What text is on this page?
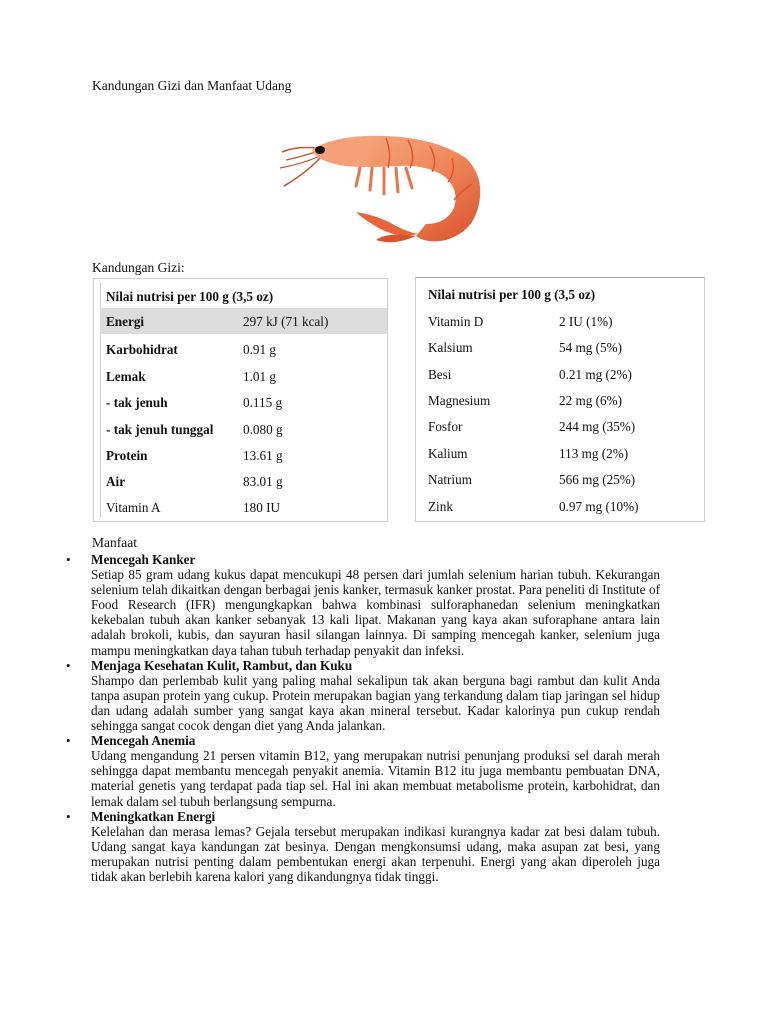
Kandungan Gizi dan Manfaat Udang
Kandungan Gizi:
Nilai nutrisi per 100 g (3,5 oz)
Energi	297 kJ (71 kcal)
Karbohidrat	0.91 g
Lemak	1.01 g
- tak jenuh	0.115 g
- tak jenuh tunggal 0.080 g
Protein	13.61 g
Air	83.01 g
Vitamin A	180 IU
Nilai nutrisi per 100 g (3,5 oz)
Vitamin D	2 IU (1%)
Kalsium	54 mg (5%)
Besi	0.21 mg (2%)
Magnesium	22 mg (6%)
Fosfor	244 mg (35%)
Kalium	113 mg (2%)
Natrium	566 mg (25%)
Zink	0.97 mg (10%)
Manfaat
• Mencegah Kanker
Setiap 85 gram udang kukus dapat mencukupi 48 persen dari jumlah selenium harian tubuh. Kekurangan selenium telah dikaitkan dengan berbagai jenis kanker, termasuk kanker prostat. Para peneliti di Institute of Food Research (IFR) mengungkapkan bahwa kombinasi sulforaphanedan selenium meningkatkan kekebalan tubuh akan kanker sebanyak 13 kali lipat. Makanan yang kaya akan suforaphane antara lain adalah brokoli, kubis, dan sayuran hasil silangan lainnya. Di samping mencegah kanker, selenium juga mampu meningkatkan daya tahan tubuh terhadap penyakit dan infeksi.
• Menjaga Kesehatan Kulit, Rambut, dan Kuku
Shampo dan perlembab kulit yang paling mahal sekalipun tak akan berguna bagi rambut dan kulit Anda tanpa asupan protein yang cukup. Protein merupakan bagian yang terkandung dalam tiap jaringan sel hidup dan udang adalah sumber yang sangat kaya akan mineral tersebut. Kadar kalorinya pun cukup rendah sehingga sangat cocok dengan diet yang Anda jalankan.
• Mencegah Anemia
Udang mengandung 21 persen vitamin B12, yang merupakan nutrisi penunjang produksi sel darah merah sehingga dapat membantu mencegah penyakit anemia. Vitamin B12 itu juga membantu pembuatan DNA, material genetis yang terdapat pada tiap sel. Hal ini akan membuat metabolisme protein, karbohidrat, dan lemak dalam sel tubuh berlangsung sempurna.
• Meningkatkan Energi
Kelelahan dan merasa lemas? Gejala tersebut merupakan indikasi kurangnya kadar zat besi dalam tubuh. Udang sangat kaya kandungan zat besinya. Dengan mengkonsumsi udang, maka asupan zat besi, yang merupakan nutrisi penting dalam pembentukan energi akan terpenuhi. Energi yang akan diperoleh juga tidak akan berlebih karena kalori yang dikandungnya tidak tinggi.
